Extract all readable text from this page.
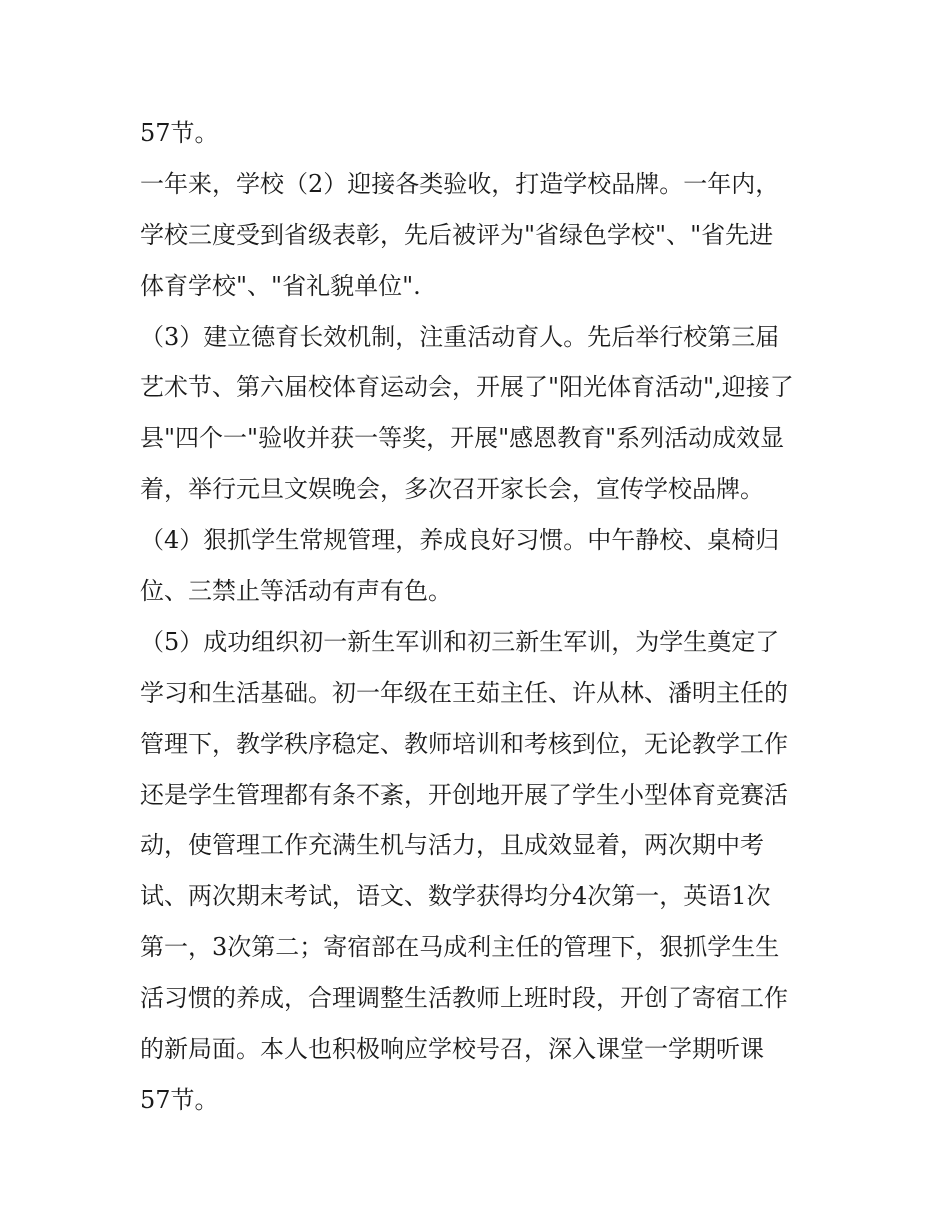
57节。
一年来，学校（2）迎接各类验收，打造学校品牌。一年内，
学校三度受到省级表彰，先后被评为"省绿色学校"、"省先进
体育学校"、"省礼貌单位".
（3）建立德育长效机制，注重活动育人。先后举行校第三届
艺术节、第六届校体育运动会，开展了"阳光体育活动",迎接了
县"四个一"验收并获一等奖，开展"感恩教育"系列活动成效显
着，举行元旦文娱晚会，多次召开家长会，宣传学校品牌。
（4）狠抓学生常规管理，养成良好习惯。中午静校、桌椅归
位、三禁止等活动有声有色。
（5）成功组织初一新生军训和初三新生军训，为学生奠定了
学习和生活基础。初一年级在王茹主任、许从林、潘明主任的
管理下，教学秩序稳定、教师培训和考核到位，无论教学工作
还是学生管理都有条不紊，开创地开展了学生小型体育竞赛活
动，使管理工作充满生机与活力，且成效显着，两次期中考
试、两次期末考试，语文、数学获得均分4次第一，英语1次
第一，3次第二；寄宿部在马成利主任的管理下，狠抓学生生
活习惯的养成，合理调整生活教师上班时段，开创了寄宿工作
的新局面。本人也积极响应学校号召，深入课堂一学期听课
57节。
